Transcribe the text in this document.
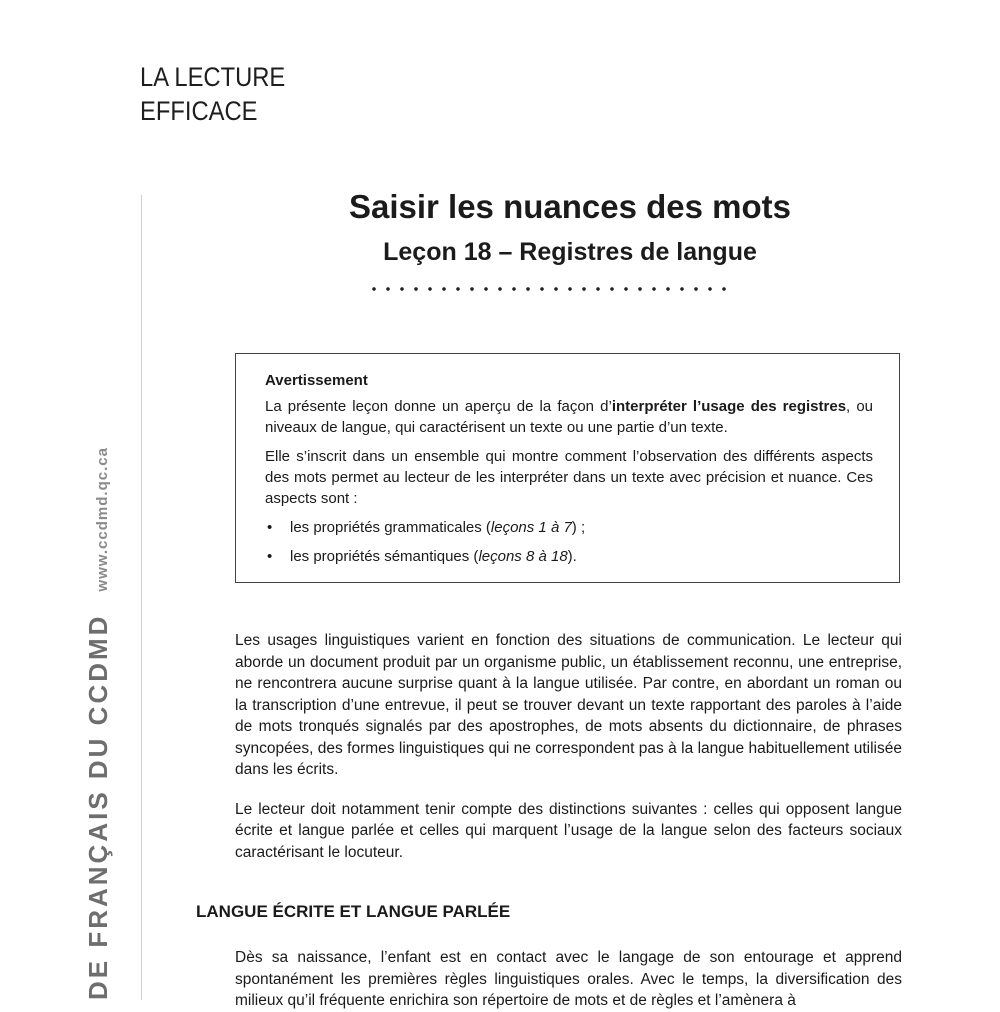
LA LECTURE
EFFICACE
DE FRANÇAIS DU CCDMDwww.ccdmd.qc.ca
Saisir les nuances des mots
Leçon 18 – Registres de langue
Avertissement

La présente leçon donne un aperçu de la façon d’interpréter l’usage des registres, ou niveaux de langue, qui caractérisent un texte ou une partie d’un texte.

Elle s’inscrit dans un ensemble qui montre comment l’observation des différents aspects des mots permet au lecteur de les interpréter dans un texte avec précision et nuance. Ces aspects sont :

• les propriétés grammaticales (leçons 1 à 7) ;
• les propriétés sémantiques (leçons 8 à 18).

Les usages linguistiques varient en fonction des situations de communication. Le lecteur qui aborde un document produit par un organisme public, un établissement reconnu, une entreprise, ne rencontrera aucune surprise quant à la langue utilisée. Par contre, en abordant un roman ou la transcription d’une entrevue, il peut se trouver devant un texte rapportant des paroles à l’aide de mots tronqués signalés par des apostrophes, de mots absents du dictionnaire, de phrases syncopées, des formes linguistiques qui ne correspondent pas à la langue habituellement utilisée dans les écrits.

Le lecteur doit notamment tenir compte des distinctions suivantes : celles qui opposent langue écrite et langue parlée et celles qui marquent l’usage de la langue selon des facteurs sociaux caractérisant le locuteur.

LANGUE ÉCRITE ET LANGUE PARLÉE

Dès sa naissance, l’enfant est en contact avec le langage de son entourage et apprend spontanément les premières règles linguistiques orales. Avec le temps, la diversification des milieux qu’il fréquente enrichira son répertoire de mots et de règles et l’amènera à
